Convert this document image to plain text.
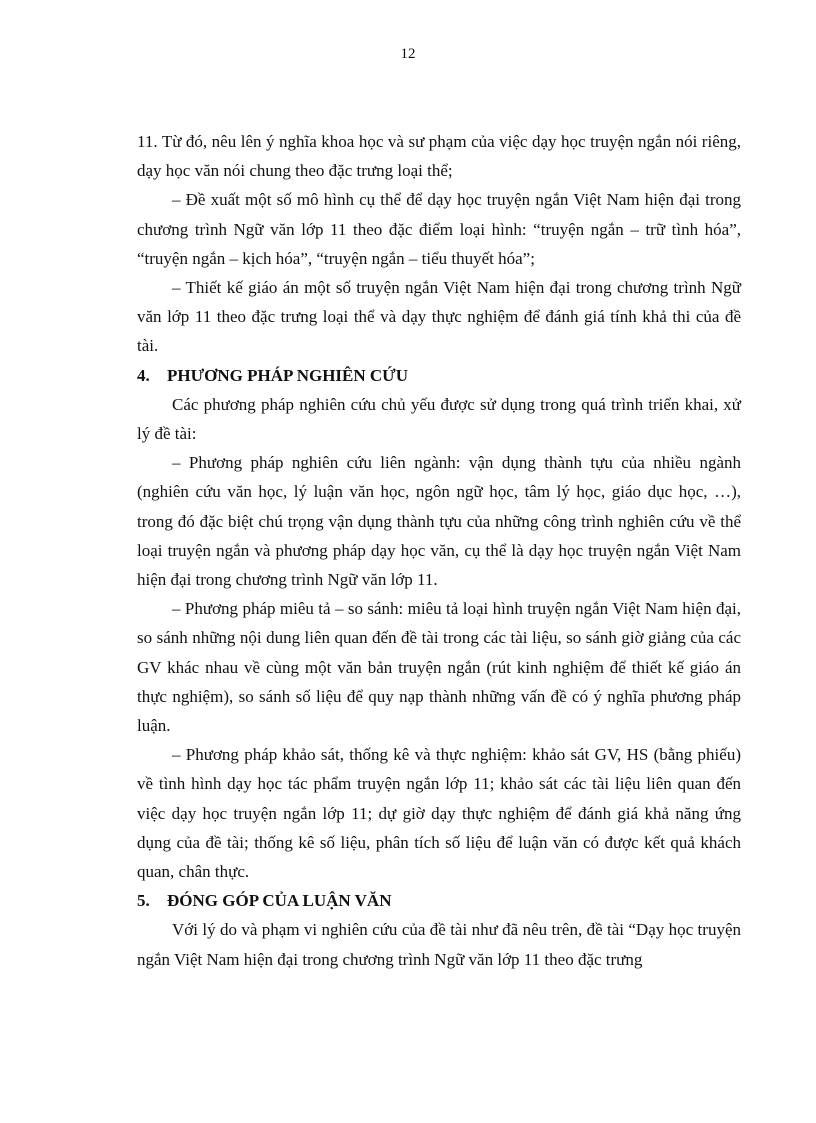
12

11. Từ đó, nêu lên ý nghĩa khoa học và sư phạm của việc dạy học truyện ngắn nói riêng, dạy học văn nói chung theo đặc trưng loại thể;

– Đề xuất một số mô hình cụ thể để dạy học truyện ngắn Việt Nam hiện đại trong chương trình Ngữ văn lớp 11 theo đặc điểm loại hình: “truyện ngắn – trữ tình hóa”, “truyện ngắn – kịch hóa”, “truyện ngắn – tiểu thuyết hóa”;

– Thiết kế giáo án một số truyện ngắn Việt Nam hiện đại trong chương trình Ngữ văn lớp 11 theo đặc trưng loại thể và dạy thực nghiệm để đánh giá tính khả thi của đề tài.

4. PHƯƠNG PHÁP NGHIÊN CỨU

Các phương pháp nghiên cứu chủ yếu được sử dụng trong quá trình triển khai, xử lý đề tài:

– Phương pháp nghiên cứu liên ngành: vận dụng thành tựu của nhiều ngành (nghiên cứu văn học, lý luận văn học, ngôn ngữ học, tâm lý học, giáo dục học, …), trong đó đặc biệt chú trọng vận dụng thành tựu của những công trình nghiên cứu về thể loại truyện ngắn và phương pháp dạy học văn, cụ thể là dạy học truyện ngắn Việt Nam hiện đại trong chương trình Ngữ văn lớp 11.

– Phương pháp miêu tả – so sánh: miêu tả loại hình truyện ngắn Việt Nam hiện đại, so sánh những nội dung liên quan đến đề tài trong các tài liệu, so sánh giờ giảng của các GV khác nhau về cùng một văn bản truyện ngắn (rút kinh nghiệm để thiết kế giáo án thực nghiệm), so sánh số liệu để quy nạp thành những vấn đề có ý nghĩa phương pháp luận.

– Phương pháp khảo sát, thống kê và thực nghiệm: khảo sát GV, HS (bằng phiếu) về tình hình dạy học tác phẩm truyện ngắn lớp 11; khảo sát các tài liệu liên quan đến việc dạy học truyện ngắn lớp 11; dự giờ dạy thực nghiệm để đánh giá khả năng ứng dụng của đề tài; thống kê số liệu, phân tích số liệu để luận văn có được kết quả khách quan, chân thực.

5. ĐÓNG GÓP CỦA LUẬN VĂN

Với lý do và phạm vi nghiên cứu của đề tài như đã nêu trên, đề tài “Dạy học truyện ngắn Việt Nam hiện đại trong chương trình Ngữ văn lớp 11 theo đặc trưng
